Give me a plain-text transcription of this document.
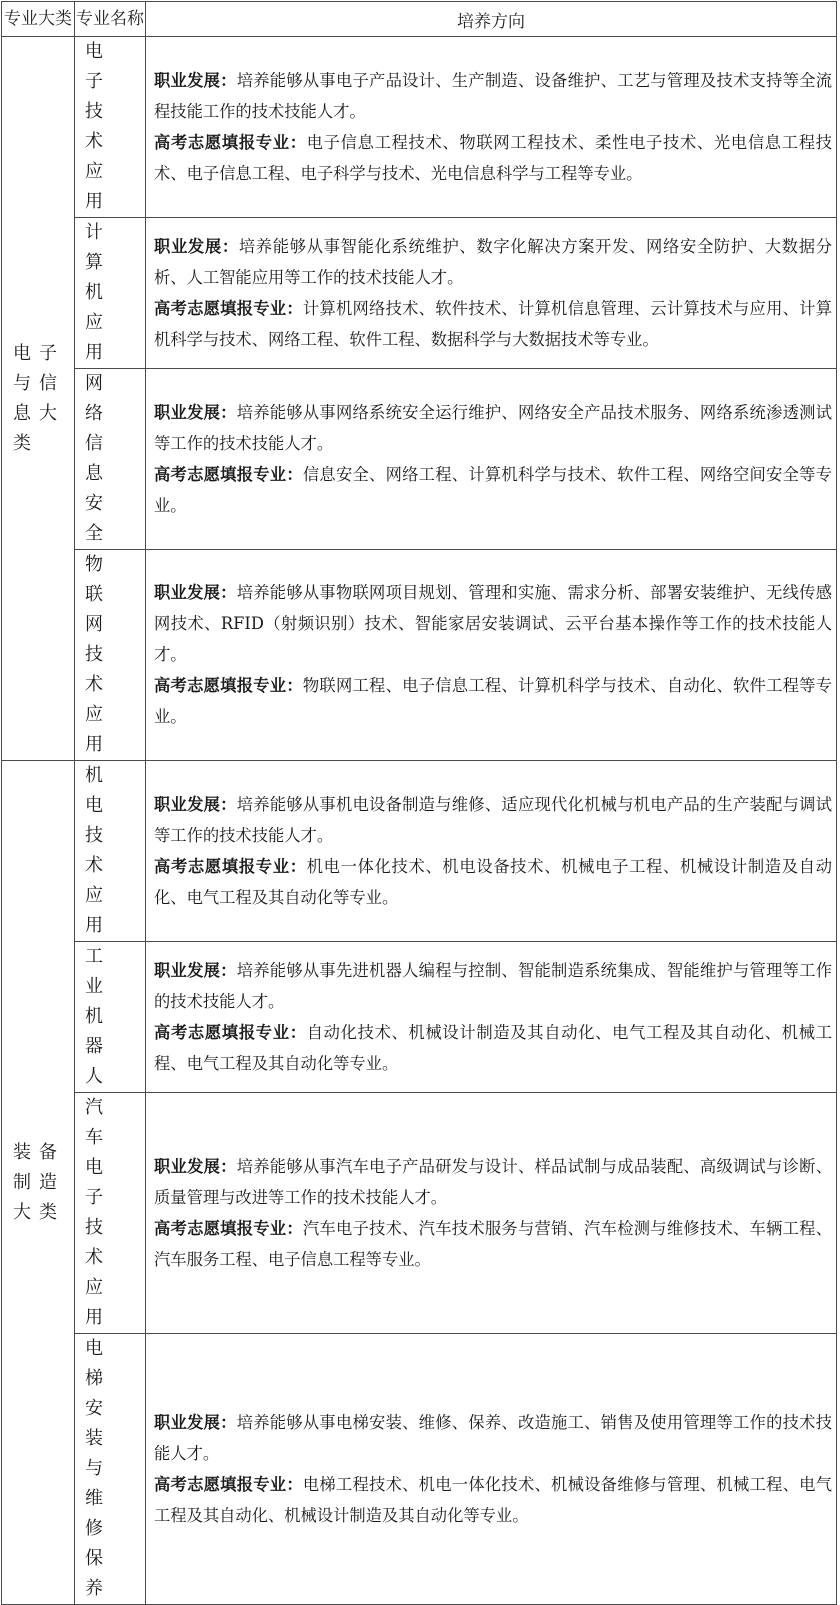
专业大类	专业名称	培养方向
电子与信息大类	电子技术应用	职业发展：培养能够从事电子产品设计、生产制造、设备维护、工艺与管理及技术支持等全流程技能工作的技术技能人才。

高考志愿填报专业：电子信息工程技术、物联网工程技术、柔性电子技术、光电信息工程技术、电子信息工程、电子科学与技术、光电信息科学与工程等专业。

	计算机应用	职业发展：培养能够从事智能化系统维护、数字化解决方案开发、网络安全防护、大数据分析、人工智能应用等工作的技术技能人才。

高考志愿填报专业：计算机网络技术、软件技术、计算机信息管理、云计算技术与应用、计算机科学与技术、网络工程、软件工程、数据科学与大数据技术等专业。

	网络信息安全	职业发展：培养能够从事网络系统安全运行维护、网络安全产品技术服务、网络系统渗透测试等工作的技术技能人才。

高考志愿填报专业：信息安全、网络工程、计算机科学与技术、软件工程、网络空间安全等专业。

	物联网技术应用	职业发展：培养能够从事物联网项目规划、管理和实施、需求分析、部署安装维护、无线传感网技术、RFID（射频识别）技术、智能家居安装调试、云平台基本操作等工作的技术技能人才。

高考志愿填报专业：物联网工程、电子信息工程、计算机科学与技术、自动化、软件工程等专业。

装备制造大类	机电技术应用	职业发展：培养能够从事机电设备制造与维修、适应现代化机械与机电产品的生产装配与调试等工作的技术技能人才。

高考志愿填报专业：机电一体化技术、机电设备技术、机械电子工程、机械设计制造及自动化、电气工程及其自动化等专业。

	工业机器人	职业发展：培养能够从事先进机器人编程与控制、智能制造系统集成、智能维护与管理等工作的技术技能人才。

高考志愿填报专业：自动化技术、机械设计制造及其自动化、电气工程及其自动化、机械工程、电气工程及其自动化等专业。

	汽车电子技术应用	职业发展：培养能够从事汽车电子产品研发与设计、样品试制与成品装配、高级调试与诊断、质量管理与改进等工作的技术技能人才。

高考志愿填报专业：汽车电子技术、汽车技术服务与营销、汽车检测与维修技术、车辆工程、汽车服务工程、电子信息工程等专业。

	电梯安装与维修保养	职业发展：培养能够从事电梯安装、维修、保养、改造施工、销售及使用管理等工作的技术技能人才。

高考志愿填报专业：电梯工程技术、机电一体化技术、机械设备维修与管理、机械工程、电气工程及其自动化、机械设计制造及其自动化等专业。
